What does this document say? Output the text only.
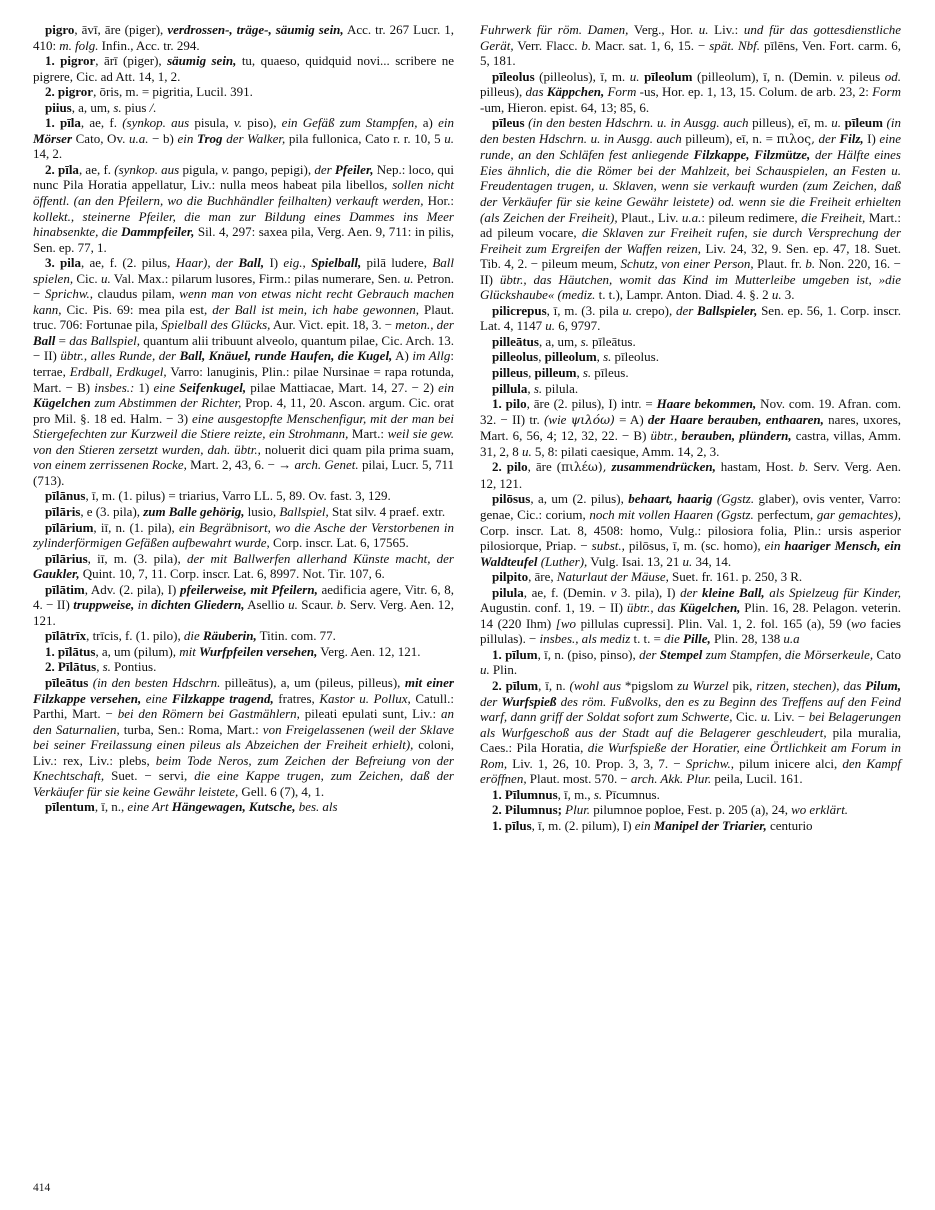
pigro, āvī, āre (piger), verdrossen-, träge-, säumig sein, Acc. tr. 267 Lucr. 1, 410: m. folg. Infin., Acc. tr. 294.

1. pigror, ārī (piger), säumig sein, tu, quaeso, quidquid novi... scribere ne pigrere, Cic. ad Att. 14, 1, 2.

2. pigror, ōris, m. = pigritia, Lucil. 391.

piius, a, um, s. pius /.

1. pīla, ae, f. (synkop. aus pisula, v. piso), ein Gefäß zum Stampfen, a) ein Mörser Cato, Ov. u.a. − b) ein Trog der Walker, pila fullonica, Cato r. r. 10, 5 u. 14, 2.

2. pīla, ae, f. (synkop. aus pigula, v. pango, pepigi), der Pfeiler, Nep.: loco, qui nunc Pila Horatia appellatur, Liv.: nulla meos habeat pila libellos, sollen nicht öffentl. (an den Pfeilern, wo die Buchhändler feilhalten) verkauft werden, Hor.: kollekt., steinerne Pfeiler, die man zur Bildung eines Dammes ins Meer hinabsenkte, die Dammpfeiler, Sil. 4, 297: saxea pila, Verg. Aen. 9, 711: in pilis, Sen. ep. 77, 1.

3. pila, ae, f. (2. pilus, Haar), der Ball, I) eig., Spielball, pilā ludere, Ball spielen, Cic. u. Val. Max.: pilarum lusores, Firm.: pilas numerare, Sen. u. Petron. − Sprichw., claudus pilam, wenn man von etwas nicht recht Gebrauch machen kann, Cic. Pis. 69: mea pila est, der Ball ist mein, ich habe gewonnen, Plaut. truc. 706: Fortunae pila, Spielball des Glücks, Aur. Vict. epit. 18, 3. − meton., der Ball = das Ballspiel, quantum alii tribuunt alveolo, quantum pilae, Cic. Arch. 13. − II) übtr., alles Runde, der Ball, Knäuel, runde Haufen, die Kugel, A) im Allg: terrae, Erdball, Erdkugel, Varro: lanuginis, Plin.: pilae Nursinae = rapa rotunda, Mart. − B) insbes.: 1) eine Seifenkugel, pilae Mattiacae, Mart. 14, 27. − 2) ein Kügelchen zum Abstimmen der Richter, Prop. 4, 11, 20. Ascon. argum. Cic. orat pro Mil. §. 18 ed. Halm. − 3) eine ausgestopfte Menschenfigur, mit der man bei Stiergefechten zur Kurzweil die Stiere reizte, ein Strohmann, Mart.: weil sie gew. von den Stieren zersetzt wurden, dah. übtr., noluerit dici quam pila prima suam, von einem zerrissenen Rocke, Mart. 2, 43, 6. − → arch. Genet. pilai, Lucr. 5, 711 (713).

pīlānus, ī, m. (1. pilus) = triarius, Varro LL. 5, 89. Ov. fast. 3, 129.

pīlāris, e (3. pila), zum Balle gehörig, lusio, Ballspiel, Stat silv. 4 praef. extr.

pīlārium, iī, n. (1. pila), ein Begräbnisort, wo die Asche der Verstorbenen in zylinderförmigen Gefäßen aufbewahrt wurde, Corp. inscr. Lat. 6, 17565.

pīlārius, iī, m. (3. pila), der mit Ballwerfen allerhand Künste macht, der Gaukler, Quint. 10, 7, 11. Corp. inscr. Lat. 6, 8997. Not. Tir. 107, 6.

pīlātim, Adv. (2. pila), I) pfeilerweise, mit Pfeilern, aedificia agere, Vitr. 6, 8, 4. − II) truppweise, in dichten Gliedern, Asellio u. Scaur. b. Serv. Verg. Aen. 12, 121.

pīlātrīx, trīcis, f. (1. pilo), die Räuberin, Titin. com. 77.

1. pīlātus, a, um (pilum), mit Wurfpfeilen versehen, Verg. Aen. 12, 121.

2. Pīlātus, s. Pontius.

pīleātus (in den besten Hdschrn. pilleātus), a, um (pileus, pilleus), mit einer Filzkappe versehen, eine Filzkappe tragend, fratres, Kastor u. Pollux, Catull.: Parthi, Mart. − bei den Römern bei Gastmählern, pileati epulati sunt, Liv.: an den Saturnalien, turba, Sen.: Roma, Mart.: von Freigelassenen (weil der Sklave bei seiner Freilassung einen pileus als Abzeichen der Freiheit erhielt), coloni, Liv.: rex, Liv.: plebs, beim Tode Neros, zum Zeichen der Befreiung von der Knechtschaft, Suet. − servi, die eine Kappe trugen, zum Zeichen, daß der Verkäufer für sie keine Gewähr leistete, Gell. 6 (7), 4, 1.

pīlentum, ī, n., eine Art Hängewagen, Kutsche, bes. als

Fuhrwerk für röm. Damen, Verg., Hor. u. Liv.: und für das gottesdienstliche Gerät, Verr. Flacc. b. Macr. sat. 1, 6, 15. − spät. Nbf. pīlēns, Ven. Fort. carm. 6, 5, 181.

pīleolus (pilleolus), ī, m. u. pīleolum (pilleolum), ī, n. (Demin. v. pileus od. pilleus), das Käppchen, Form -us, Hor. ep. 1, 13, 15. Colum. de arb. 23, 2: Form -um, Hieron. epist. 64, 13; 85, 6.

pīleus (in den besten Hdschrn. u. in Ausgg. auch pilleus), eī, m. u. pīleum (in den besten Hdschrn. u. in Ausgg. auch pilleum), eī, n. = πιλος, der Filz, I) eine runde, an den Schläfen fest anliegende Filzkappe, Filzmütze, der Hälfte eines Eies ähnlich, die die Römer bei der Mahlzeit, bei Schauspielen, an Festen u. Freudentagen trugen, u. Sklaven, wenn sie verkauft wurden (zum Zeichen, daß der Verkäufer für sie keine Gewähr leistete) od. wenn sie die Freiheit erhielten (als Zeichen der Freiheit), Plaut., Liv. u.a.: pileum redimere, die Freiheit, Mart.: ad pileum vocare, die Sklaven zur Freiheit rufen, sie durch Versprechung der Freiheit zum Ergreifen der Waffen reizen, Liv. 24, 32, 9. Sen. ep. 47, 18. Suet. Tib. 4, 2. − pileum meum, Schutz, von einer Person, Plaut. fr. b. Non. 220, 16. − II) übtr., das Häutchen, womit das Kind im Mutterleibe umgeben ist, »die Glückshaube« (mediz. t. t.), Lampr. Anton. Diad. 4. §. 2 u. 3.

pilicrepus, ī, m. (3. pila u. crepo), der Ballspieler, Sen. ep. 56, 1. Corp. inscr. Lat. 4, 1147 u. 6, 9797.

pilleātus, a, um, s. pīleātus.

pilleolus, pilleolum, s. pīleolus.

pilleus, pilleum, s. pīleus.

pillula, s. pilula.

1. pilo, āre (2. pilus), I) intr. = Haare bekommen, Nov. com. 19. Afran. com. 32. − II) tr. (wie ψιλόω) = A) der Haare berauben, enthaaren, nares, uxores, Mart. 6, 56, 4; 12, 32, 22. − B) übtr., berauben, plündern, castra, villas, Amm. 31, 2, 8 u. 5, 8: pilati caesique, Amm. 14, 2, 3.

2. pilo, āre (πιλέω), zusammendrücken, hastam, Host. b. Serv. Verg. Aen. 12, 121.

pilōsus, a, um (2. pilus), behaart, haarig (Ggstz. glaber), ovis venter, Varro: genae, Cic.: corium, noch mit vollen Haaren (Ggstz. perfectum, gar gemachtes), Corp. inscr. Lat. 8, 4508: homo, Vulg.: pilosiora folia, Plin.: ursis asperior pilosiorque, Priap. − subst., pilōsus, ī, m. (sc. homo), ein haariger Mensch, ein Waldteufel (Luther), Vulg. Isai. 13, 21 u. 34, 14.

pilpito, āre, Naturlaut der Mäuse, Suet. fr. 161. p. 250, 3 R.

pilula, ae, f. (Demin. v 3. pila), I) der kleine Ball, als Spielzeug für Kinder, Augustin. conf. 1, 19. − II) übtr., das Kügelchen, Plin. 16, 28. Pelagon. veterin. 14 (220 Ihm) [wo pillulas cupressi]. Plin. Val. 1, 2. fol. 165 (a), 59 (wo facies pillulas). − insbes., als mediz t. t. = die Pille, Plin. 28, 138 u.a

1. pīlum, ī, n. (piso, pinso), der Stempel zum Stampfen, die Mörserkeule, Cato u. Plin.

2. pīlum, ī, n. (wohl aus *pigslom zu Wurzel pik, ritzen, stechen), das Pilum, der Wurfspieß des röm. Fußvolks, den es zu Beginn des Treffens auf den Feind warf, dann griff der Soldat sofort zum Schwerte, Cic. u. Liv. − bei Belagerungen als Wurfgeschoß aus der Stadt auf die Belagerer geschleudert, pila muralia, Caes.: Pila Horatia, die Wurfspieße der Horatier, eine Örtlichkeit am Forum in Rom, Liv. 1, 26, 10. Prop. 3, 3, 7. − Sprichw., pilum inicere alci, den Kampf eröffnen, Plaut. most. 570. − arch. Akk. Plur. peila, Lucil. 161.

1. Pīlumnus, ī, m., s. Pīcumnus.

2. Pilumnus; Plur. pilumnoe poploe, Fest. p. 205 (a), 24, wo erklärt.

1. pīlus, ī, m. (2. pilum), I) ein Manipel der Triarier, centurio

414
